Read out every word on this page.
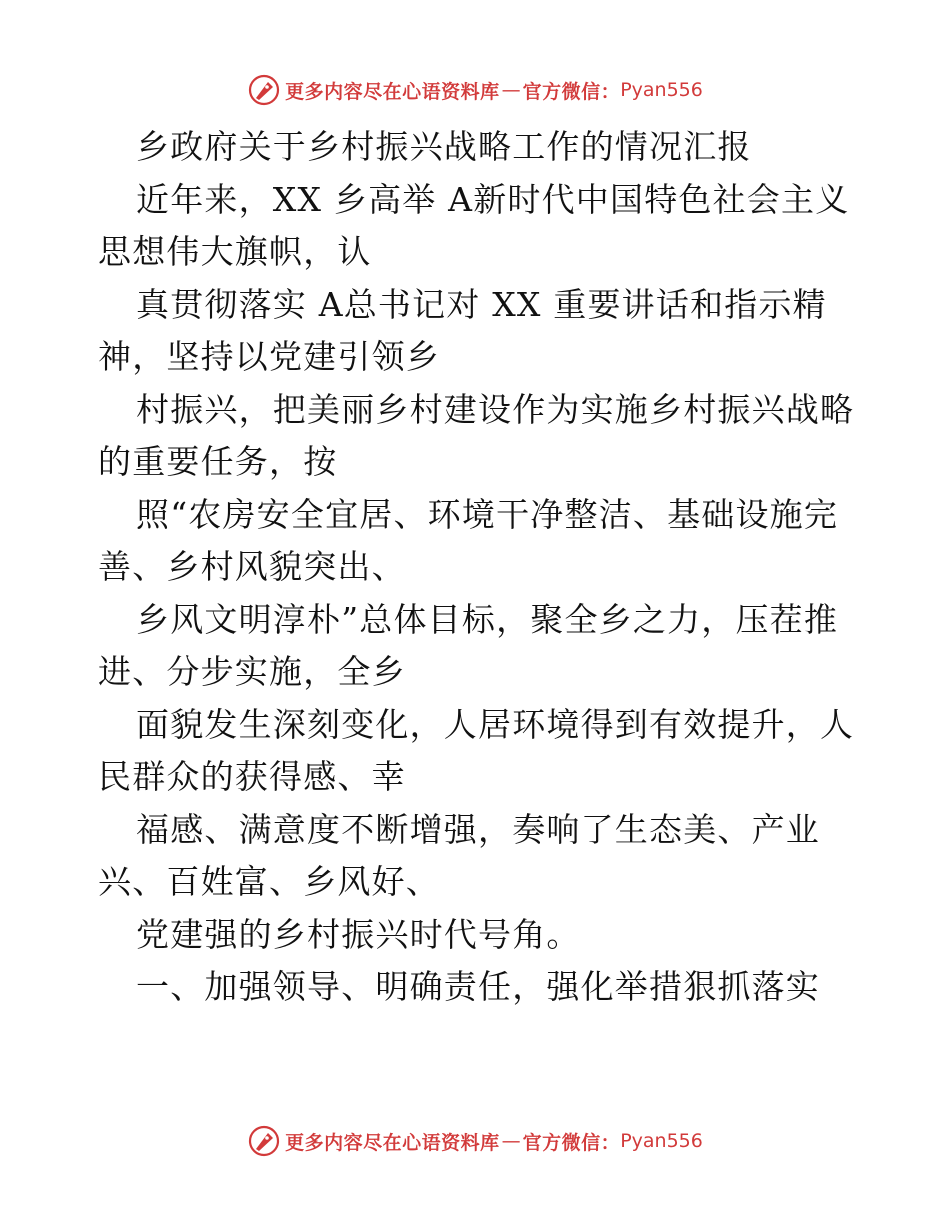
更多内容尽在心语资料库 — 官方微信： Pyan556
乡政府关于乡村振兴战略工作的情况汇报
近年来，XX 乡高举 A新时代中国特色社会主义
思想伟大旗帜，认
真贯彻落实 A总书记对 XX 重要讲话和指示精
神，坚持以党建引领乡
村振兴，把美丽乡村建设作为实施乡村振兴战略
的重要任务，按
照“农房安全宜居、环境干净整洁、基础设施完
善、乡村风貌突出、
乡风文明淳朴”总体目标，聚全乡之力，压茬推
进、分步实施，全乡
面貌发生深刻变化，人居环境得到有效提升，人
民群众的获得感、幸
福感、满意度不断增强，奏响了生态美、产业
兴、百姓富、乡风好、
党建强的乡村振兴时代号角。
一、加强领导、明确责任，强化举措狠抓落实
更多内容尽在心语资料库 — 官方微信： Pyan556
